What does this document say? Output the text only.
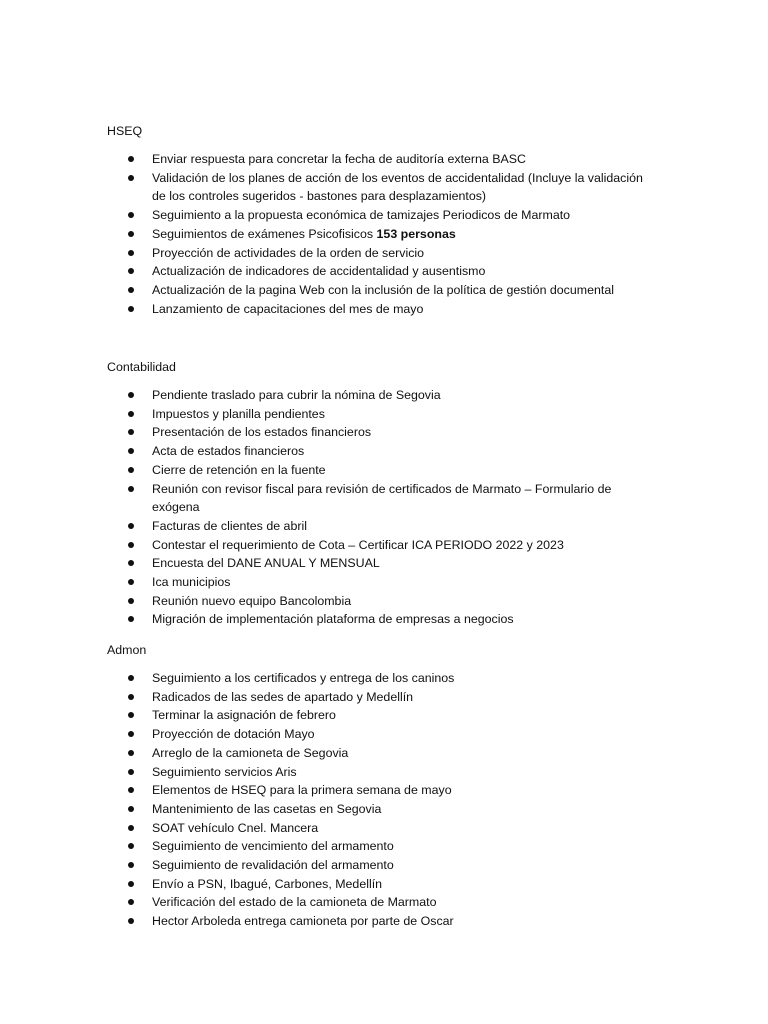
HSEQ
Enviar respuesta para concretar la fecha de auditoría externa BASC
Validación de los planes de acción de los eventos de accidentalidad (Incluye la validación de los controles sugeridos - bastones para desplazamientos)
Seguimiento a la propuesta económica de tamizajes Periodicos de Marmato
Seguimientos de exámenes Psicofisicos 153 personas
Proyección de actividades de la orden de servicio
Actualización de indicadores de accidentalidad y ausentismo
Actualización de la pagina Web con la inclusión de la política de gestión documental
Lanzamiento de capacitaciones del mes de mayo
Contabilidad
Pendiente traslado para cubrir la nómina de Segovia
Impuestos y planilla pendientes
Presentación de los estados financieros
Acta de estados financieros
Cierre de retención en la fuente
Reunión con revisor fiscal para revisión de certificados de Marmato – Formulario de exógena
Facturas de clientes de abril
Contestar el requerimiento de Cota – Certificar ICA PERIODO 2022 y 2023
Encuesta del DANE ANUAL Y MENSUAL
Ica municipios
Reunión nuevo equipo Bancolombia
Migración de implementación plataforma de empresas a negocios
Admon
Seguimiento a los certificados y entrega de los caninos
Radicados de las sedes de apartado y Medellín
Terminar la asignación de febrero
Proyección de dotación Mayo
Arreglo de la camioneta de Segovia
Seguimiento servicios Aris
Elementos de HSEQ para la primera semana de mayo
Mantenimiento de las casetas en Segovia
SOAT vehículo Cnel. Mancera
Seguimiento de vencimiento del armamento
Seguimiento de revalidación del armamento
Envío a PSN, Ibagué, Carbones, Medellín
Verificación del estado de la camioneta de Marmato
Hector Arboleda entrega camioneta por parte de Oscar
